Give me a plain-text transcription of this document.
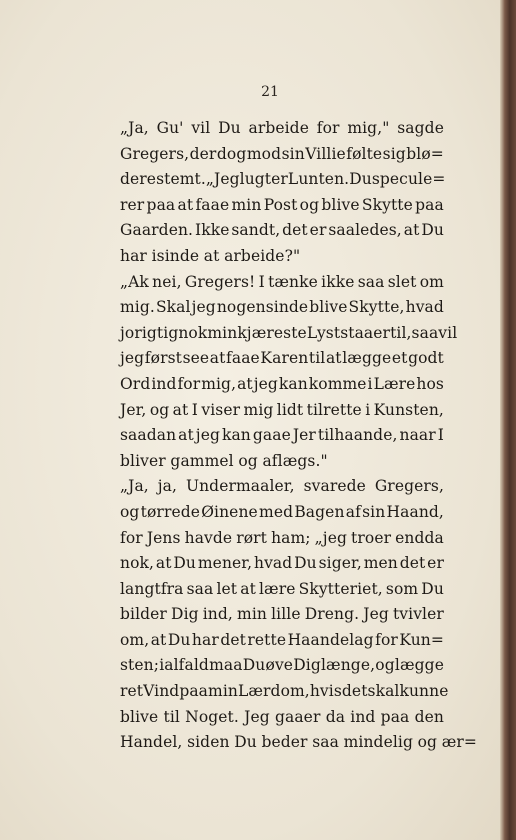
21
„Ja, Gu' vil Du arbeide for mig," sagde
Gregers, der dog mod sin Villie følte sig blø=
dere stemt. „Jeg lugter Lunten. Du specule=
rer paa at faae min Post og blive Skytte paa
Gaarden. Ikke sandt, det er saaledes, at Du
har isinde at arbeide?"
„Ak nei, Gregers! I tænke ikke saa slet om
mig. Skal jeg nogensinde blive Skytte, hvad
jo rigtignok min kjæreste Lyst staaer til, saa vil
jeg først see at faae Karen til at lægge et godt
Ord ind for mig, at jeg kan komme i Lære hos
Jer, og at I viser mig lidt tilrette i Kunsten,
saadan at jeg kan gaae Jer tilhaande, naar I
bliver gammel og aflægs."
„Ja, ja, Undermaaler, svarede Gregers,
og tørrede Øinene med Bagen af sin Haand,
for Jens havde rørt ham; „jeg troer endda
nok, at Du mener, hvad Du siger, men det er
langtfra saa let at lære Skytteriet, som Du
bilder Dig ind, min lille Dreng. Jeg tvivler
om, at Du har det rette Haandelag for Kun=
sten; ialfald maa Du øve Dig længe, og lægge
ret Vind paa min Lærdom, hvis det skal kunne
blive til Noget. Jeg gaaer da ind paa den
Handel, siden Du beder saa mindelig og ær=
